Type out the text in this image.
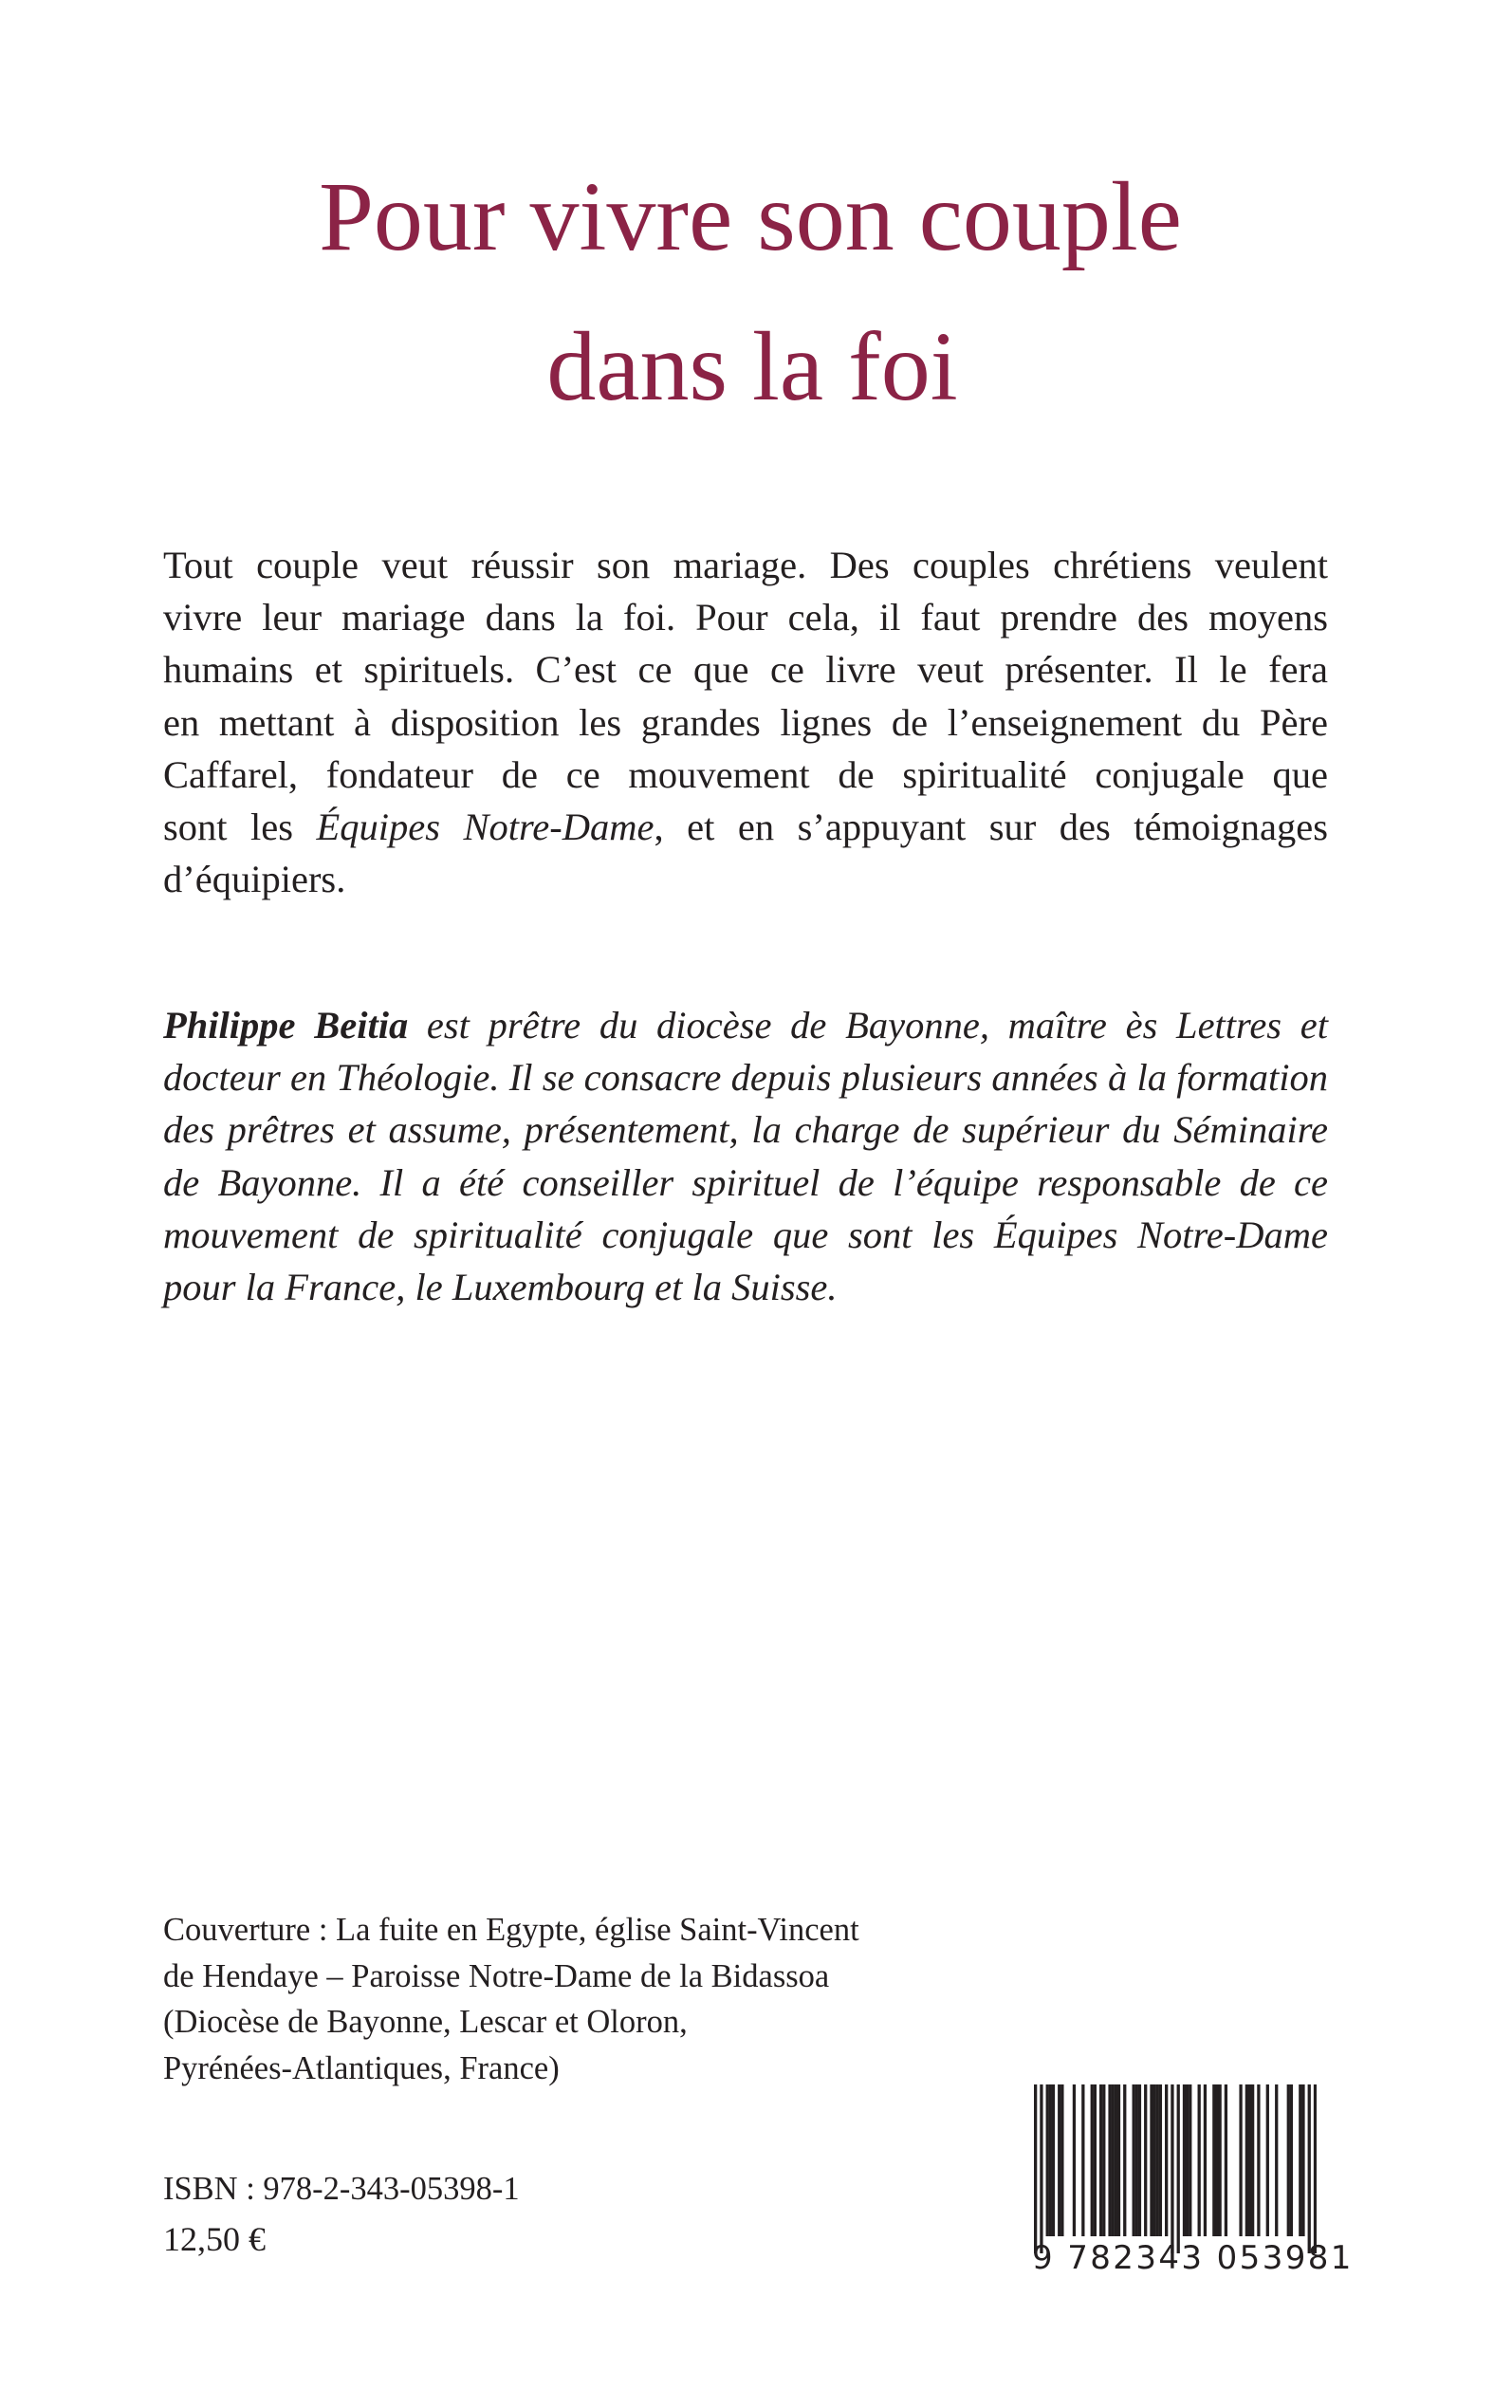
Pour vivre son couple
dans la foi

Tout couple veut réussir son mariage. Des couples chrétiens veulent
vivre leur mariage dans la foi. Pour cela, il faut prendre des moyens
humains et spirituels. C’est ce que ce livre veut présenter. Il le fera
en mettant à disposition les grandes lignes de l’enseignement du Père
Caffarel, fondateur de ce mouvement de spiritualité conjugale que
sont les Équipes Notre-Dame, et en s’appuyant sur des témoignages
d’équipiers.

Philippe Beitia est prêtre du diocèse de Bayonne, maître ès Lettres et
docteur en Théologie. Il se consacre depuis plusieurs années à la formation
des prêtres et assume, présentement, la charge de supérieur du Séminaire
de Bayonne. Il a été conseiller spirituel de l’équipe responsable de ce
mouvement de spiritualité conjugale que sont les Équipes Notre-Dame
pour la France, le Luxembourg et la Suisse.

Couverture : La fuite en Egypte, église Saint-Vincent
de Hendaye – Paroisse Notre-Dame de la Bidassoa
(Diocèse de Bayonne, Lescar et Oloron,
Pyrénées-Atlantiques, France)

ISBN : 978-2-343-05398-1

12,50 €	9 782343 053981
